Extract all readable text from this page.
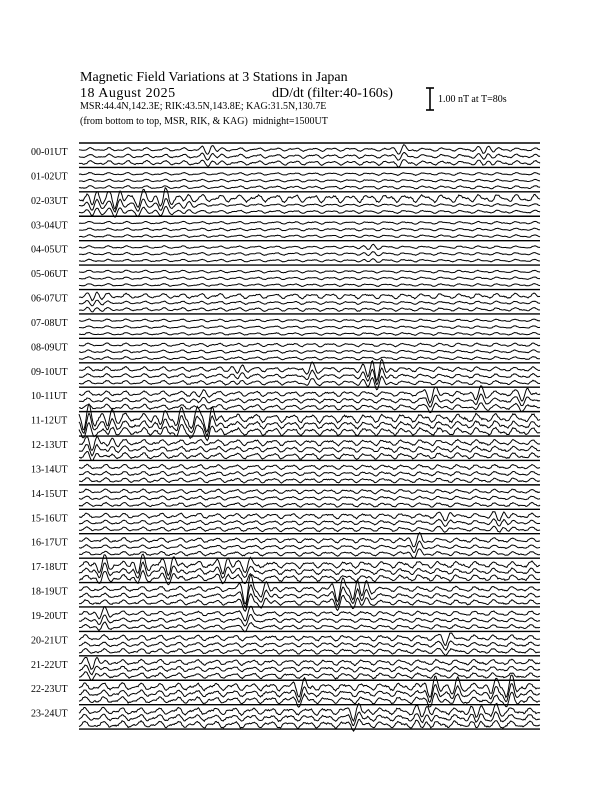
Magnetic Field Variations at 3 Stations in Japan
18 August 2025	dD/dt (filter:40-160s)
MSR:44.4N,142.3E; RIK:43.5N,143.8E; KAG:31.5N,130.7E
(from bottom to top, MSR, RIK, & KAG) midnight=1500UT
1.00 nT at T=80s
00-01UT
01-02UT
02-03UT
03-04UT
04-05UT
05-06UT
06-07UT
07-08UT
08-09UT
09-10UT
10-11UT
11-12UT
12-13UT
13-14UT
14-15UT
15-16UT
16-17UT
17-18UT
18-19UT
19-20UT
20-21UT
21-22UT
22-23UT
23-24UT
